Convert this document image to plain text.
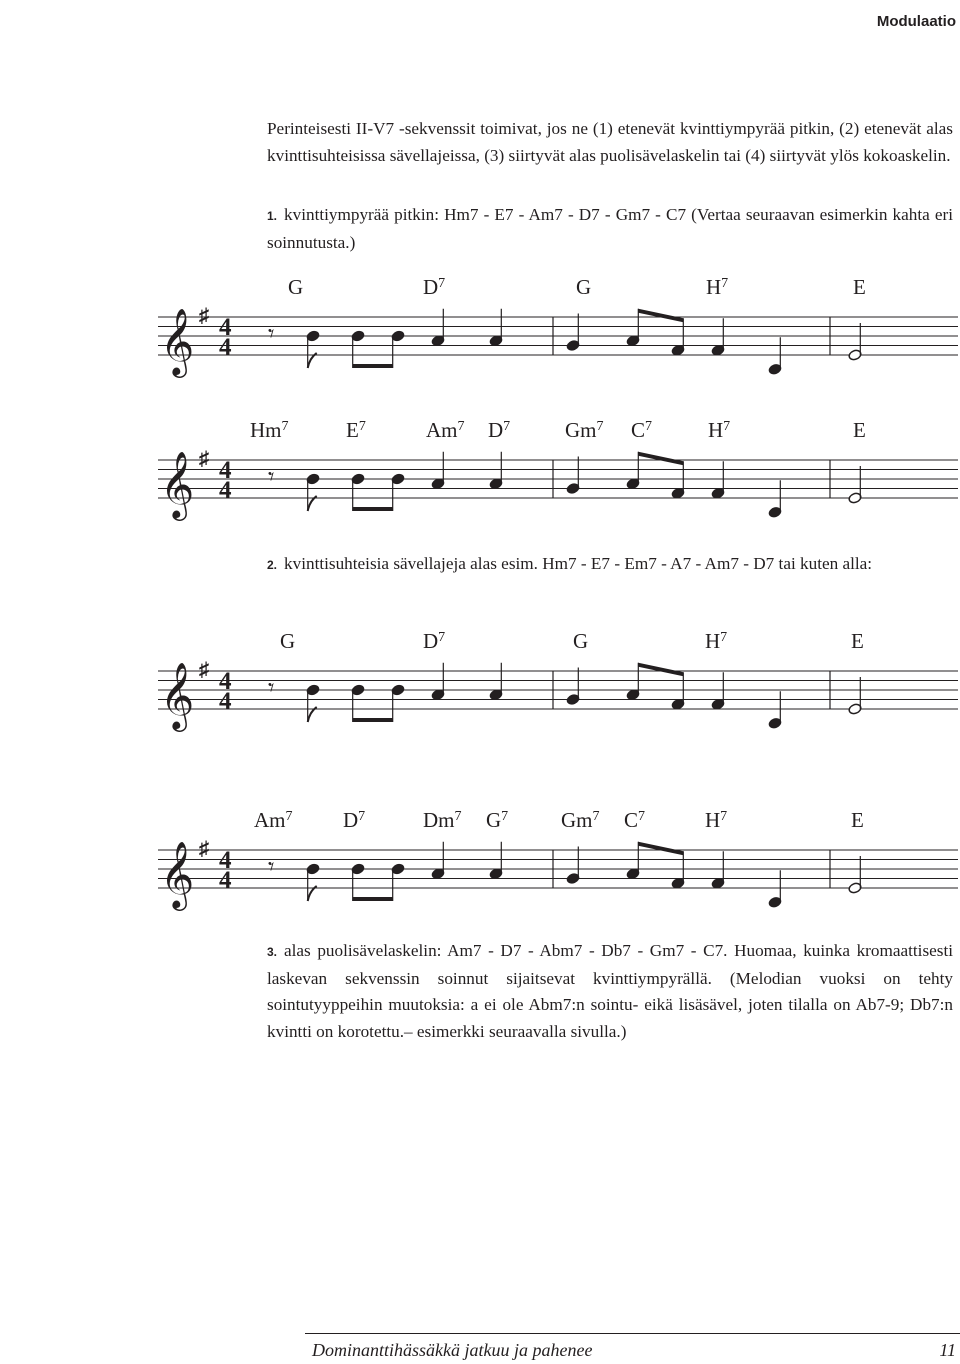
Modulaatio

Perinteisesti II-V7 -sekvenssit toimivat, jos ne (1) etenevät kvinttiympyrää pitkin, (2) etenevät alas kvinttisuhteisissa sävellajeissa, (3) siirtyvät alas puolisävelaskelin tai (4) siirtyvät ylös kokoaskelin.

1. kvinttiympyrää pitkin: Hm7 - E7 - Am7 - D7 - Gm7 - C7 (Vertaa seuraavan esimerkin kahta eri soinnutusta.)

𝄞 ♯ 4
4
G	$D^7$	G	$H^7$	E
𝄾
𝄞 ♯ 4
4
Hm$^7$	$E^7$	Am$^7$ $D^7$	Gm$^7$ $C^7$	$H^7$	E
𝄾

2. kvinttisuhteisia sävellajeja alas esim. Hm7 - E7 - Em7 - A7 - Am7 - D7 tai kuten alla:

𝄞 ♯ 4
4
G	$D^7$	G	$H^7$	E
𝄾
𝄞 ♯ 4
4
Am$^7$ $D^7$	Dm$^7$ $G^7$	Gm$^7$ $C^7$	$H^7$	E
𝄾

3. alas puolisävelaskelin: Am7 - D7 - Abm7 - Db7 - Gm7 - C7. Huomaa, kuinka kromaattisesti laskevan sekvenssin soinnut sijaitsevat kvinttiympyrällä. (Melodian vuoksi on tehty sointutyyppeihin muutoksia: a ei ole Abm7:n sointu- eikä lisäsävel, joten tilalla on Ab7-9; Db7:n kvintti on korotettu.– esimerkki seuraavalla sivulla.)

Dominanttihässäkkä jatkuu ja pahenee	11
